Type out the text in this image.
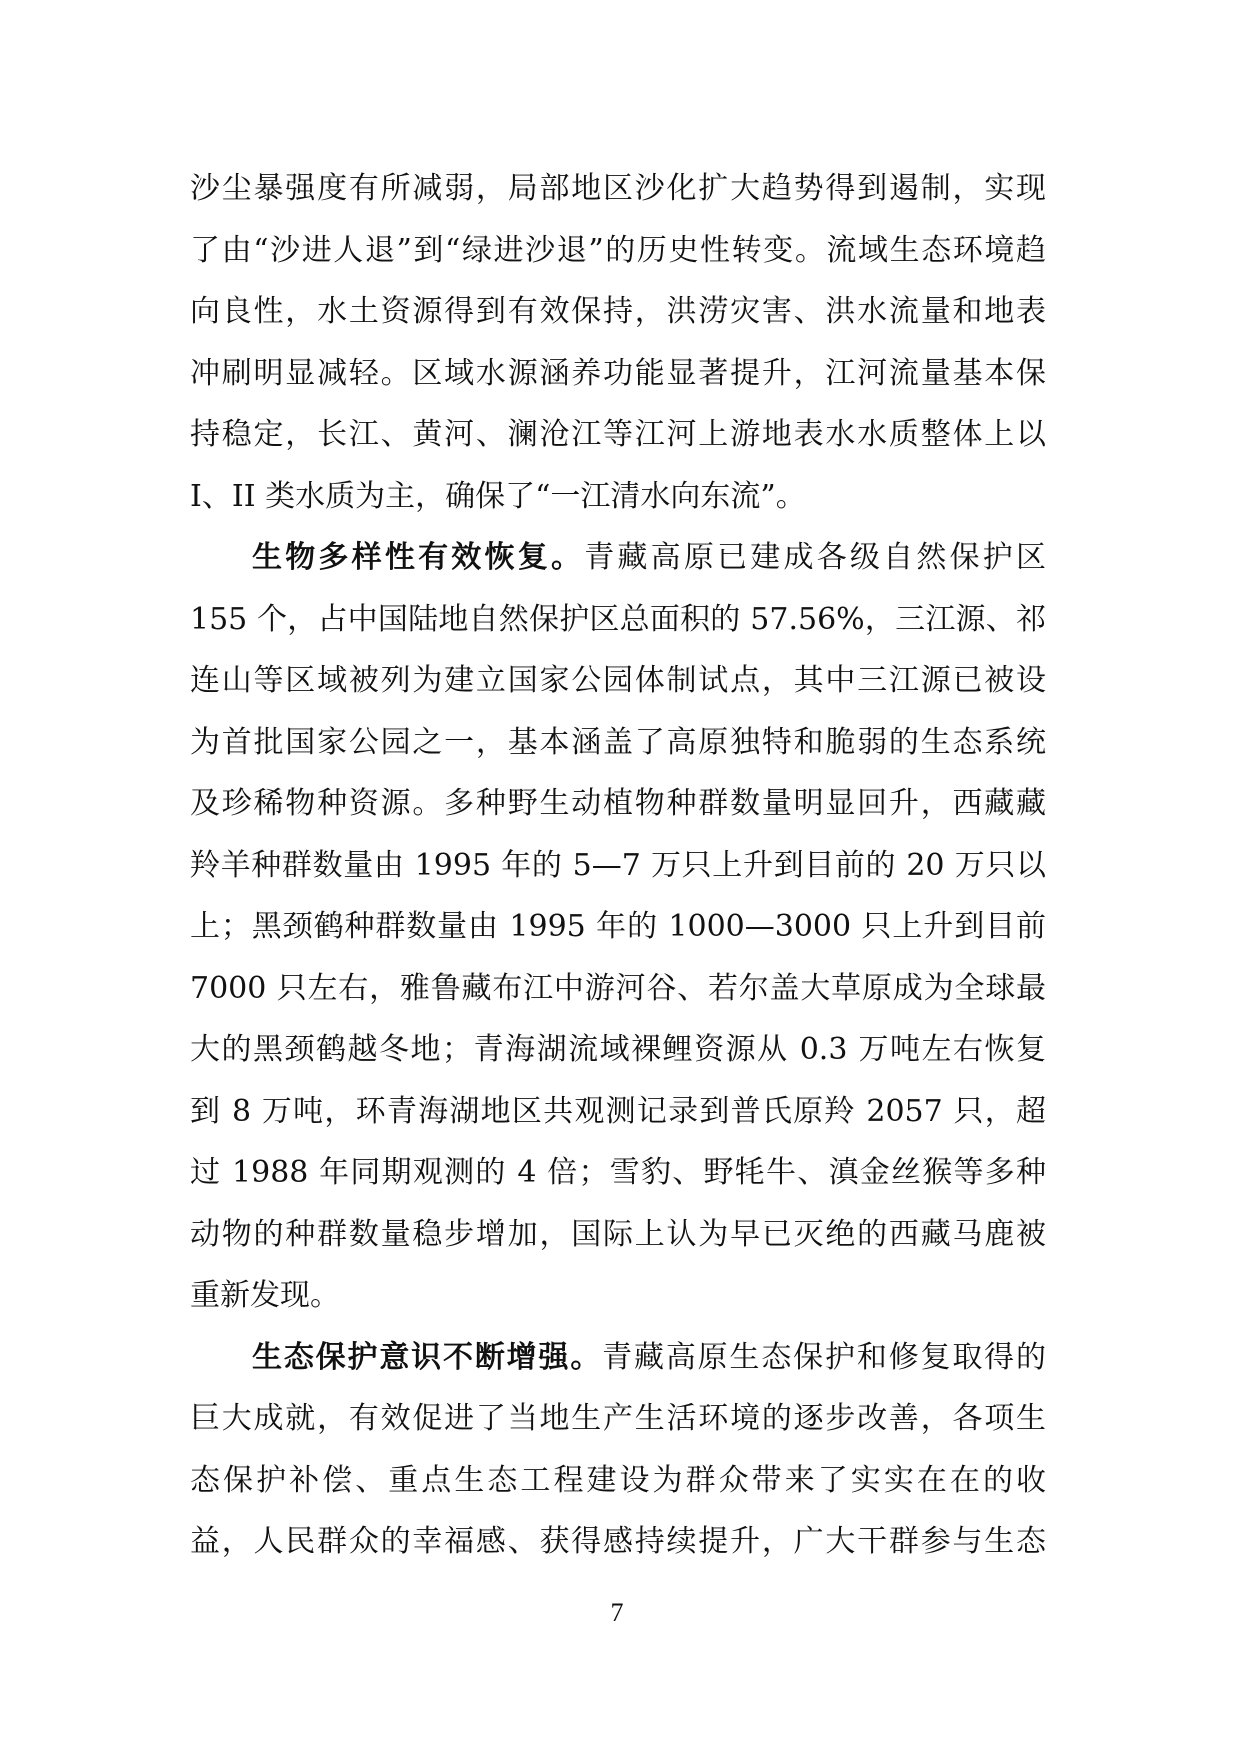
沙尘暴强度有所减弱，局部地区沙化扩大趋势得到遏制，实现
了由“沙进人退”到“绿进沙退”的历史性转变。流域生态环境趋
向良性，水土资源得到有效保持，洪涝灾害、洪水流量和地表
冲刷明显减轻。区域水源涵养功能显著提升，江河流量基本保
持稳定，长江、黄河、澜沧江等江河上游地表水水质整体上以
I、II 类水质为主，确保了“一江清水向东流”。
生物多样性有效恢复。青藏高原已建成各级自然保护区
155 个，占中国陆地自然保护区总面积的 57.56%，三江源、祁
连山等区域被列为建立国家公园体制试点，其中三江源已被设
为首批国家公园之一，基本涵盖了高原独特和脆弱的生态系统
及珍稀物种资源。多种野生动植物种群数量明显回升，西藏藏
羚羊种群数量由 1995 年的 5—7 万只上升到目前的 20 万只以
上；黑颈鹤种群数量由 1995 年的 1000—3000 只上升到目前
7000 只左右，雅鲁藏布江中游河谷、若尔盖大草原成为全球最
大的黑颈鹤越冬地；青海湖流域裸鲤资源从 0.3 万吨左右恢复
到 8 万吨，环青海湖地区共观测记录到普氏原羚 2057 只，超
过 1988 年同期观测的 4 倍；雪豹、野牦牛、滇金丝猴等多种
动物的种群数量稳步增加，国际上认为早已灭绝的西藏马鹿被
重新发现。
生态保护意识不断增强。青藏高原生态保护和修复取得的
巨大成就，有效促进了当地生产生活环境的逐步改善，各项生
态保护补偿、重点生态工程建设为群众带来了实实在在的收
益，人民群众的幸福感、获得感持续提升，广大干群参与生态
7
